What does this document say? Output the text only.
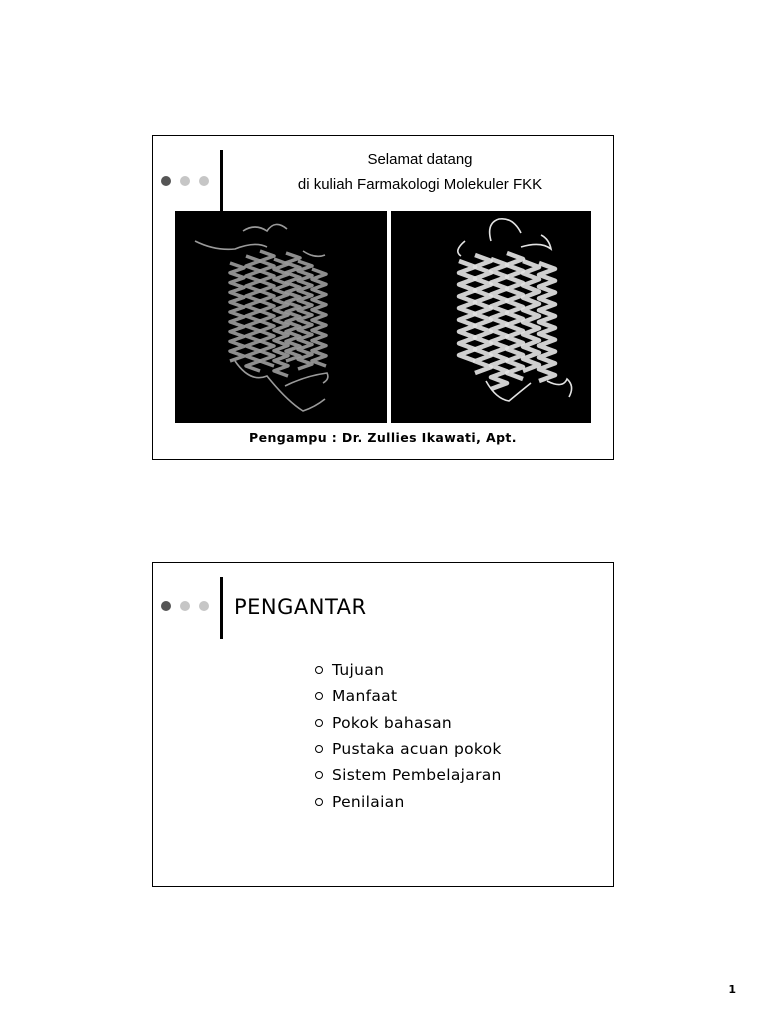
Selamat datang
di kuliah Farmakologi Molekuler FKK
Pengampu : Dr. Zullies Ikawati, Apt.
PENGANTAR
Tujuan
Manfaat
Pokok bahasan
Pustaka acuan pokok
Sistem Pembelajaran
Penilaian
1
